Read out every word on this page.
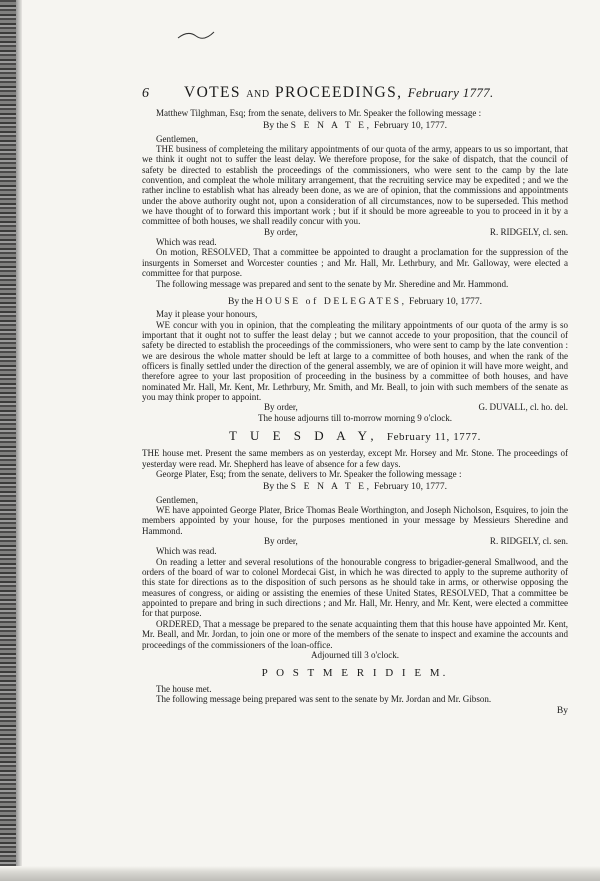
6	VOTES AND PROCEEDINGS, February 1777.

Matthew Tilghman, Esq; from the senate, delivers to Mr. Speaker the following message :

By the S E N A T E, February 10, 1777.

Gentlemen,

THE business of completeing the military appointments of our quota of the army, appears to us so important, that we think it ought not to suffer the least delay. We therefore propose, for the sake of dispatch, that the council of safety be directed to establish the proceedings of the commissioners, who were sent to the camp by the late convention, and compleat the whole military arrangement, that the recruiting service may be expedited ; and we the rather incline to establish what has already been done, as we are of opinion, that the commissions and appointments under the above authority ought not, upon a consideration of all circumstances, now to be superseded. This method we have thought of to forward this important work ; but if it should be more agreeable to you to proceed in it by a committee of both houses, we shall readily concur with you.

By order,	R. RIDGELY, cl. sen.

Which was read.

On motion, RESOLVED, That a committee be appointed to draught a proclamation for the suppression of the insurgents in Somerset and Worcester counties ; and Mr. Hall, Mr. Lethrbury, and Mr. Galloway, were elected a committee for that purpose.

The following message was prepared and sent to the senate by Mr. Sheredine and Mr. Hammond.

By the HOUSE of DELEGATES, February 10, 1777.

May it please your honours,

WE concur with you in opinion, that the compleating the military appointments of our quota of the army is so important that it ought not to suffer the least delay ; but we cannot accede to your proposition, that the council of safety be directed to establish the proceedings of the commissioners, who were sent to camp by the late convention : we are desirous the whole matter should be left at large to a committee of both houses, and when the rank of the officers is finally settled under the direction of the general assembly, we are of opinion it will have more weight, and therefore agree to your last proposition of proceeding in the business by a committee of both houses, and have nominated Mr. Hall, Mr. Kent, Mr. Lethrbury, Mr. Smith, and Mr. Beall, to join with such members of the senate as you may think proper to appoint.

By order,	G. DUVALL, cl. ho. del.

The house adjourns till to-morrow morning 9 o'clock.

T U E S D A Y, February 11, 1777.

THE house met. Present the same members as on yesterday, except Mr. Horsey and Mr. Stone. The proceedings of yesterday were read. Mr. Shepherd has leave of absence for a few days.

George Plater, Esq; from the senate, delivers to Mr. Speaker the following message :

By the S E N A T E, February 10, 1777.

Gentlemen,

WE have appointed George Plater, Brice Thomas Beale Worthington, and Joseph Nicholson, Esquires, to join the members appointed by your house, for the purposes mentioned in your message by Messieurs Sheredine and Hammond.

By order,	R. RIDGELY, cl. sen.

Which was read.

On reading a letter and several resolutions of the honourable congress to brigadier-general Smallwood, and the orders of the board of war to colonel Mordecai Gist, in which he was directed to apply to the supreme authority of this state for directions as to the disposition of such persons as he should take in arms, or otherwise opposing the measures of congress, or aiding or assisting the enemies of these United States, RESOLVED, That a committee be appointed to prepare and bring in such directions ; and Mr. Hall, Mr. Henry, and Mr. Kent, were elected a committee for that purpose.

ORDERED, That a message be prepared to the senate acquainting them that this house have appointed Mr. Kent, Mr. Beall, and Mr. Jordan, to join one or more of the members of the senate to inspect and examine the accounts and proceedings of the commissioners of the loan-office.

Adjourned till 3 o'clock.

P O S T M E R I D I E M.

The house met.

The following message being prepared was sent to the senate by Mr. Jordan and Mr. Gibson.

By
